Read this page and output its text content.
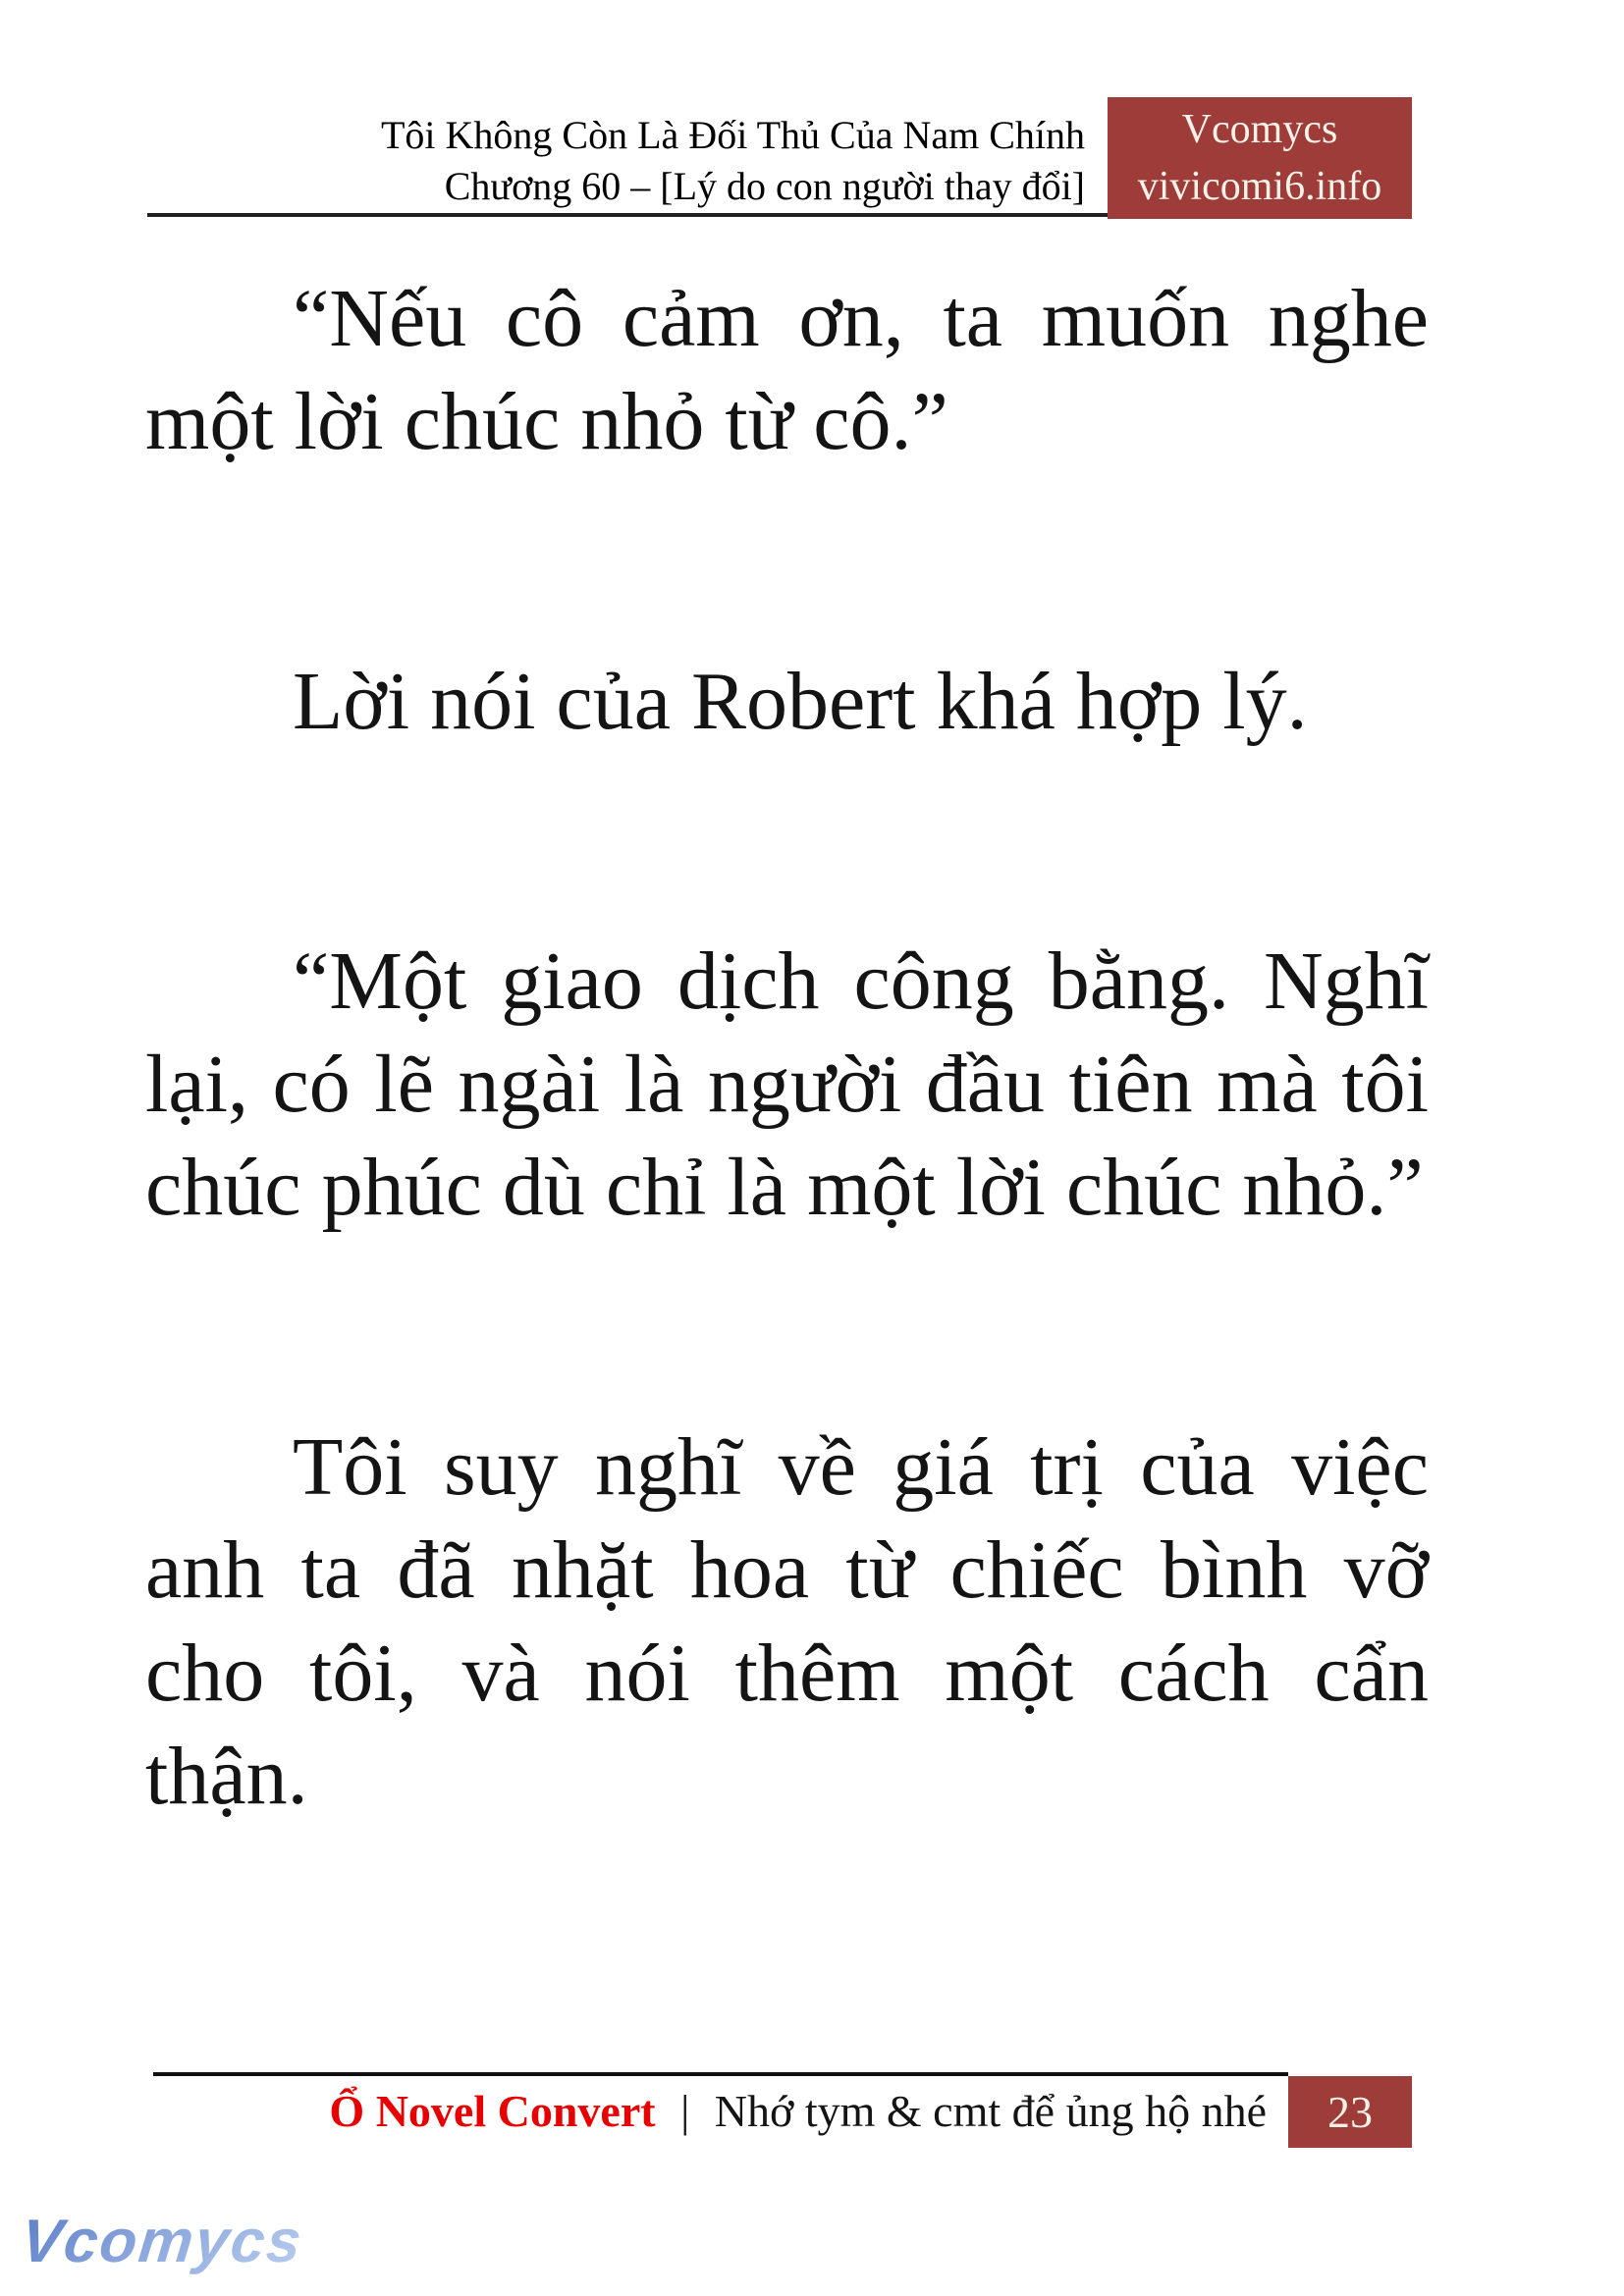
Tôi Không Còn Là Đối Thủ Của Nam Chính
Chương 60 – [Lý do con người thay đổi]
Vcomycs
vivicomi6.info

“Nếu cô cảm ơn, ta muốn nghe một lời chúc nhỏ từ cô.”

Lời nói của Robert khá hợp lý.

“Một giao dịch công bằng. Nghĩ lại, có lẽ ngài là người đầu tiên mà tôi chúc phúc dù chỉ là một lời chúc nhỏ.”

Tôi suy nghĩ về giá trị của việc anh ta đã nhặt hoa từ chiếc bình vỡ cho tôi, và nói thêm một cách cẩn thận.

Ổ Novel Convert | Nhớ tym & cmt để ủng hộ nhé	23
Vcomycs
